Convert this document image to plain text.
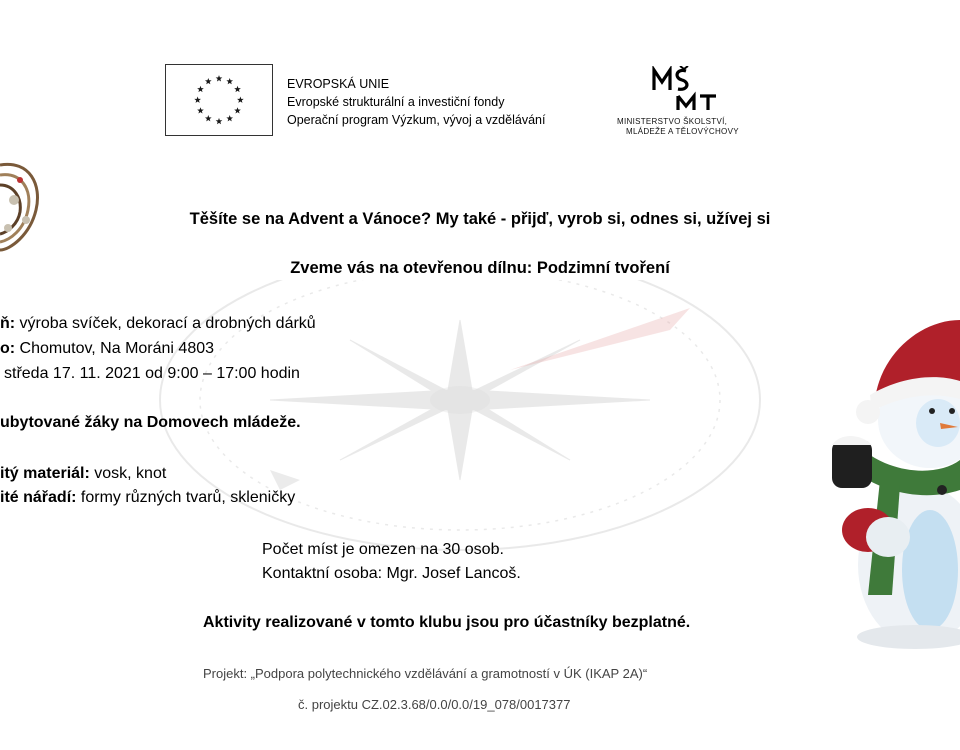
EVROPSKÁ UNIE
Evropské strukturální a investiční fondy
Operační program Výzkum, vývoj a vzdělávání	MINISTERSTVO ŠKOLSTVÍ,
MLÁDEŽE A TĚLOVÝCHOVY
Těšíte se na Advent a Vánoce? My také - přijď, vyrob si, odnes si, užívej si
Zveme vás na otevřenou dílnu: Podzimní tvoření
ň: výroba svíček, dekorací a drobných dárků
o: Chomutov, Na Moráni 4803
středa 17. 11. 2021 od 9:00 – 17:00 hodin
ubytované žáky na Domovech mládeže.
itý materiál: vosk, knot
ité nářadí: formy různých tvarů, skleničky
Počet míst je omezen na 30 osob.
Kontaktní osoba: Mgr. Josef Lancoš.
Aktivity realizované v tomto klubu jsou pro účastníky bezplatné.
Projekt: „Podpora polytechnického vzdělávání a gramotností v ÚK (IKAP 2A)“
č. projektu CZ.02.3.68/0.0/0.0/19_078/0017377
